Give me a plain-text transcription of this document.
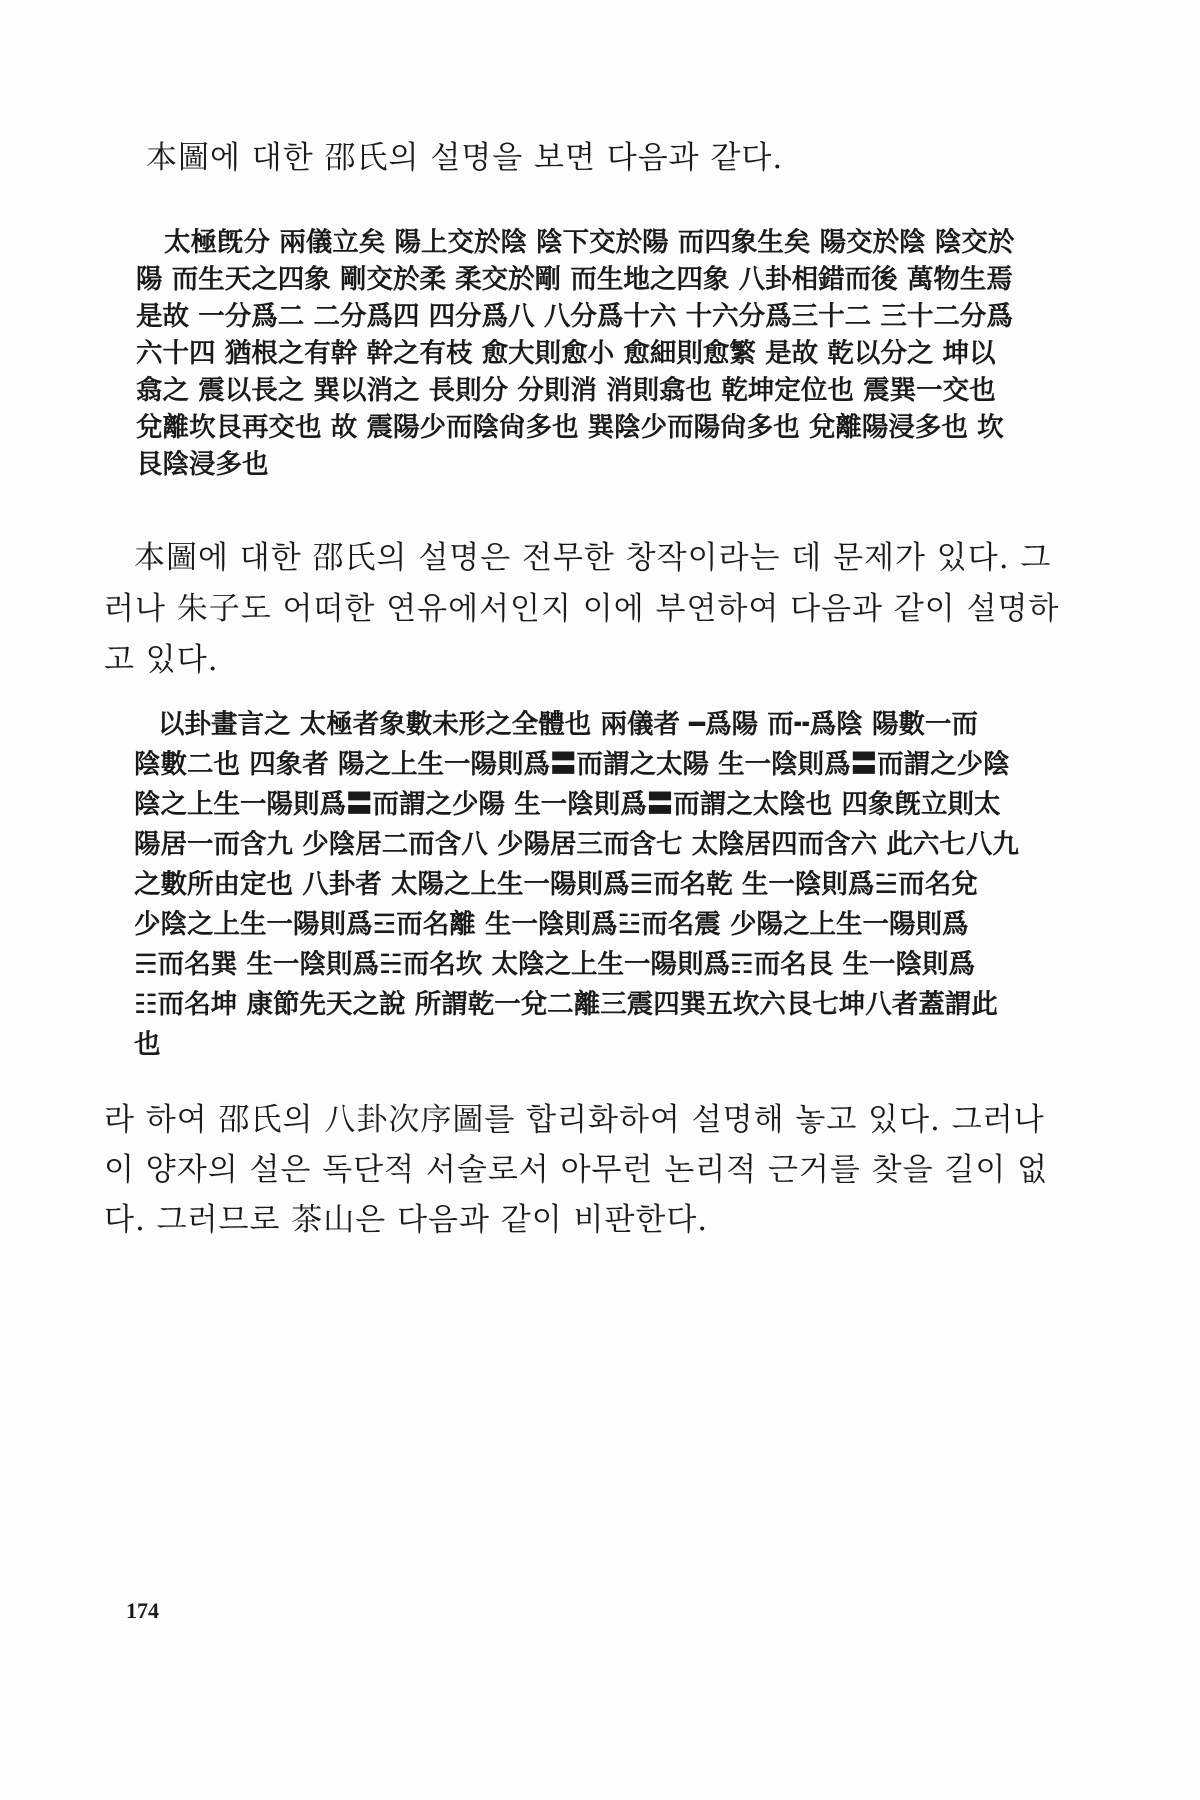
本圖에 대한 邵氏의 설명을 보면 다음과 같다.
太極旣分 兩儀立矣 陽上交於陰 陰下交於陽 而四象生矣 陽交於陰 陰交於
陽 而生天之四象 剛交於柔 柔交於剛 而生地之四象 八卦相錯而後 萬物生焉
是故 一分爲二 二分爲四 四分爲八 八分爲十六 十六分爲三十二 三十二分爲
六十四 猶根之有幹 幹之有枝 愈大則愈小 愈細則愈繁 是故 乾以分之 坤以
翕之 震以長之 巽以消之 長則分 分則消 消則翕也 乾坤定位也 震巽一交也
兌離坎艮再交也 故 震陽少而陰尙多也 巽陰少而陽尙多也 兌離陽浸多也 坎
艮陰浸多也
本圖에 대한 邵氏의 설명은 전무한 창작이라는 데 문제가 있다. 그
러나 朱子도 어떠한 연유에서인지 이에 부연하여 다음과 같이 설명하
고 있다.
以卦畫言之 太極者象數未形之全體也 兩儀者 ━爲陽 而╍爲陰 陽數一而
陰數二也 四象者 陽之上生一陽則爲〓而謂之太陽 生一陰則爲〓而謂之少陰
陰之上生一陽則爲〓而謂之少陽 生一陰則爲〓而謂之太陰也 四象旣立則太
陽居一而含九 少陰居二而含八 少陽居三而含七 太陰居四而含六 此六七八九
之數所由定也 八卦者 太陽之上生一陽則爲☰而名乾 生一陰則爲☱而名兌
少陰之上生一陽則爲☲而名離 生一陰則爲☳而名震 少陽之上生一陽則爲
☴而名巽 生一陰則爲☵而名坎 太陰之上生一陽則爲☶而名艮 生一陰則爲
☷而名坤 康節先天之說 所謂乾一兌二離三震四巽五坎六艮七坤八者蓋謂此
也
라 하여 邵氏의 八卦次序圖를 합리화하여 설명해 놓고 있다. 그러나
이 양자의 설은 독단적 서술로서 아무런 논리적 근거를 찾을 길이 없
다. 그러므로 茶山은 다음과 같이 비판한다.
174
